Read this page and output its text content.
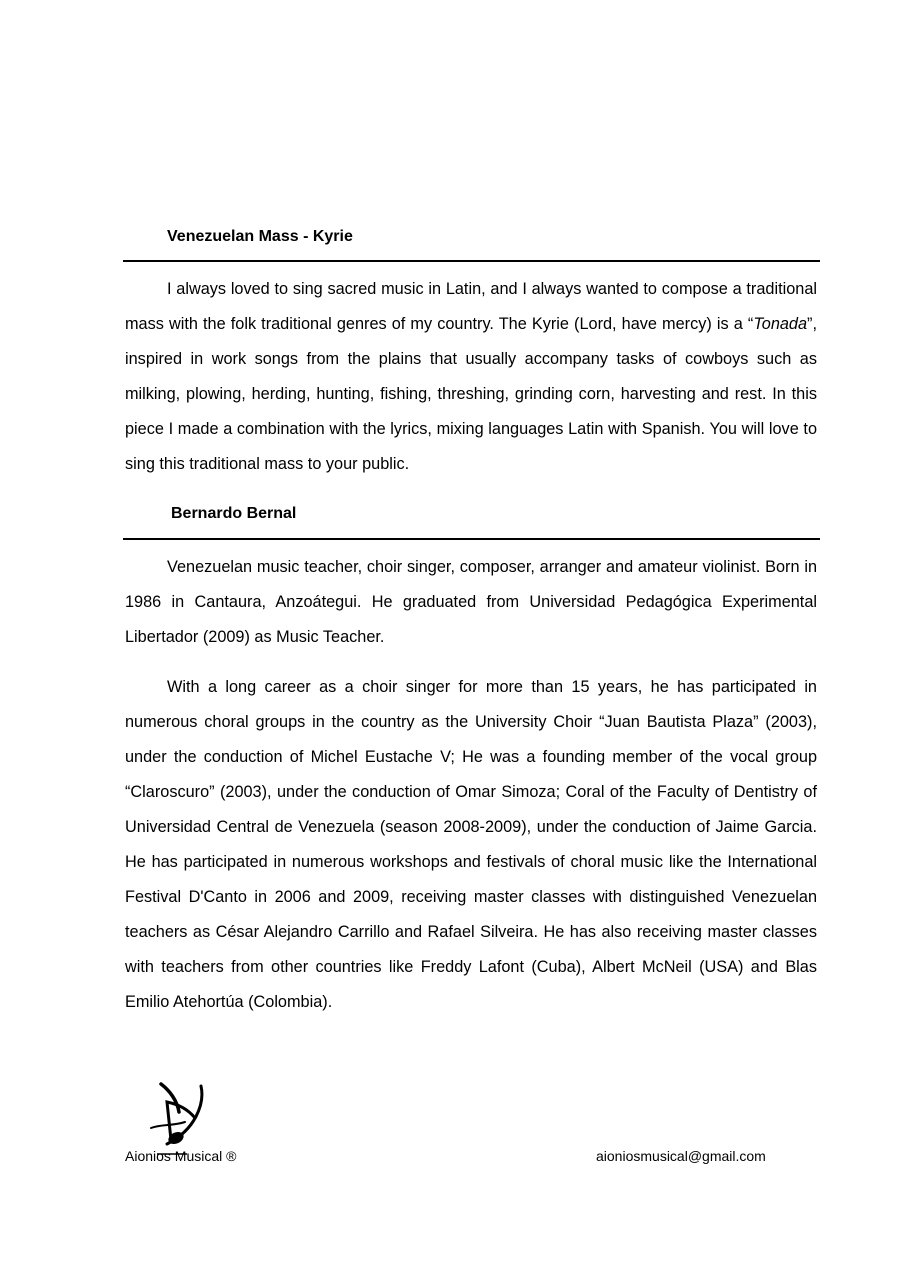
Venezuelan Mass - Kyrie

I always loved to sing sacred music in Latin, and I always wanted to compose a traditional mass with the folk traditional genres of my country. The Kyrie (Lord, have mercy) is a “Tonada”, inspired in work songs from the plains that usually accompany tasks of cowboys such as milking, plowing, herding, hunting, fishing, threshing, grinding corn, harvesting and rest. In this piece I made a combination with the lyrics, mixing languages Latin with Spanish. You will love to sing this traditional mass to your public.

Bernardo Bernal

Venezuelan music teacher, choir singer, composer, arranger and amateur violinist. Born in 1986 in Cantaura, Anzoátegui. He graduated from Universidad Pedagógica Experimental Libertador (2009) as Music Teacher.

With a long career as a choir singer for more than 15 years, he has participated in numerous choral groups in the country as the University Choir “Juan Bautista Plaza” (2003), under the conduction of Michel Eustache V; He was a founding member of the vocal group “Claroscuro” (2003), under the conduction of Omar Simoza; Coral of the Faculty of Dentistry of Universidad Central de Venezuela (season 2008-2009), under the conduction of Jaime Garcia. He has participated in numerous workshops and festivals of choral music like the International Festival D'Canto in 2006 and 2009, receiving master classes with distinguished Venezuelan teachers as César Alejandro Carrillo and Rafael Silveira. He has also receiving master classes with teachers from other countries like Freddy Lafont (Cuba), Albert McNeil (USA) and Blas Emilio Atehortúa (Colombia).

Aionios Musical ®	aioniosmusical@gmail.com
